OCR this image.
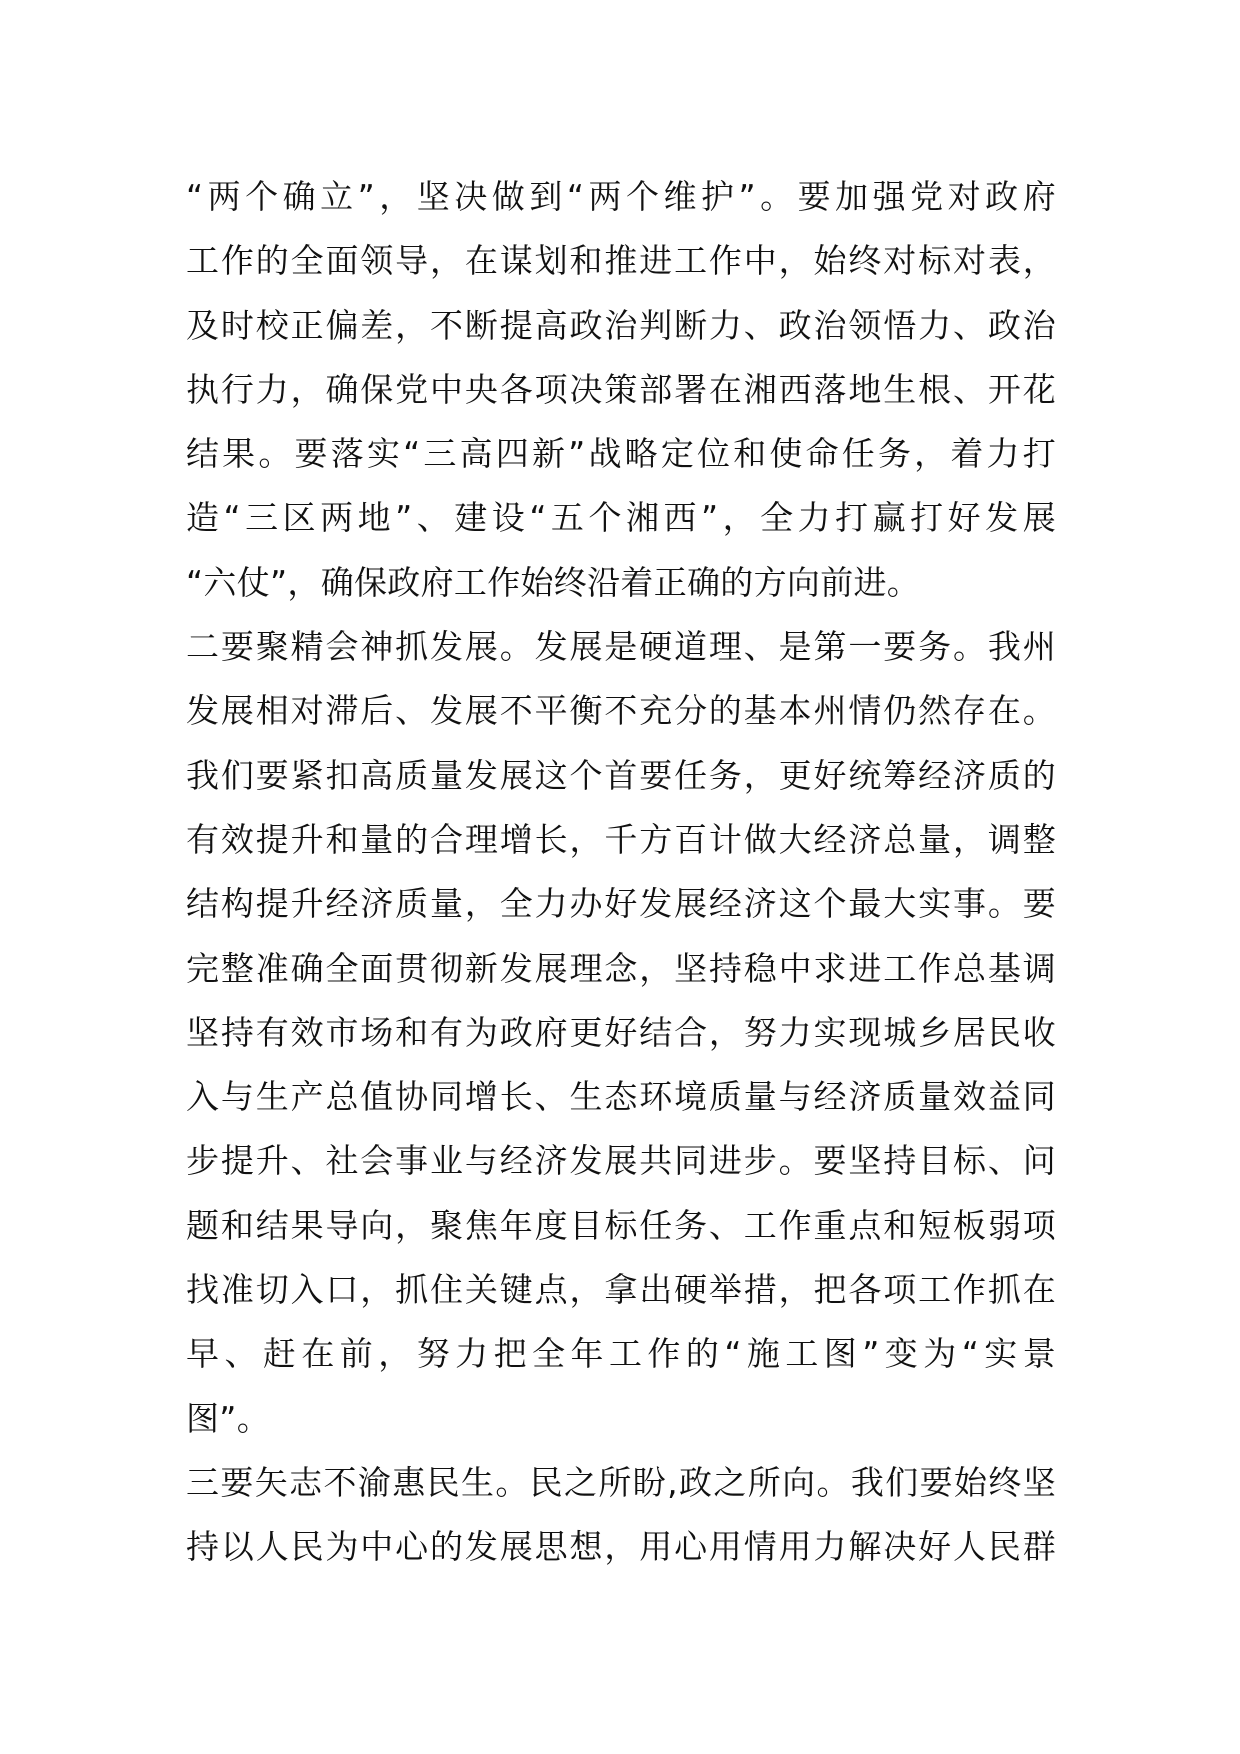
“两个确立”，坚决做到“两个维护”。要加强党对政府
工作的全面领导，在谋划和推进工作中，始终对标对表，
及时校正偏差，不断提高政治判断力、政治领悟力、政治
执行力，确保党中央各项决策部署在湘西落地生根、开花
结果。要落实“三高四新”战略定位和使命任务，着力打
造“三区两地”、建设“五个湘西”，全力打赢打好发展
“六仗”，确保政府工作始终沿着正确的方向前进。
二要聚精会神抓发展。发展是硬道理、是第一要务。我州
发展相对滞后、发展不平衡不充分的基本州情仍然存在。
我们要紧扣高质量发展这个首要任务，更好统筹经济质的
有效提升和量的合理增长，千方百计做大经济总量，调整
结构提升经济质量，全力办好发展经济这个最大实事。要
完整准确全面贯彻新发展理念，坚持稳中求进工作总基调
坚持有效市场和有为政府更好结合，努力实现城乡居民收
入与生产总值协同增长、生态环境质量与经济质量效益同
步提升、社会事业与经济发展共同进步。要坚持目标、问
题和结果导向，聚焦年度目标任务、工作重点和短板弱项
找准切入口，抓住关键点，拿出硬举措，把各项工作抓在
早、赶在前，努力把全年工作的“施工图”变为“实景
图”。
三要矢志不渝惠民生。民之所盼,政之所向。我们要始终坚
持以人民为中心的发展思想，用心用情用力解决好人民群
